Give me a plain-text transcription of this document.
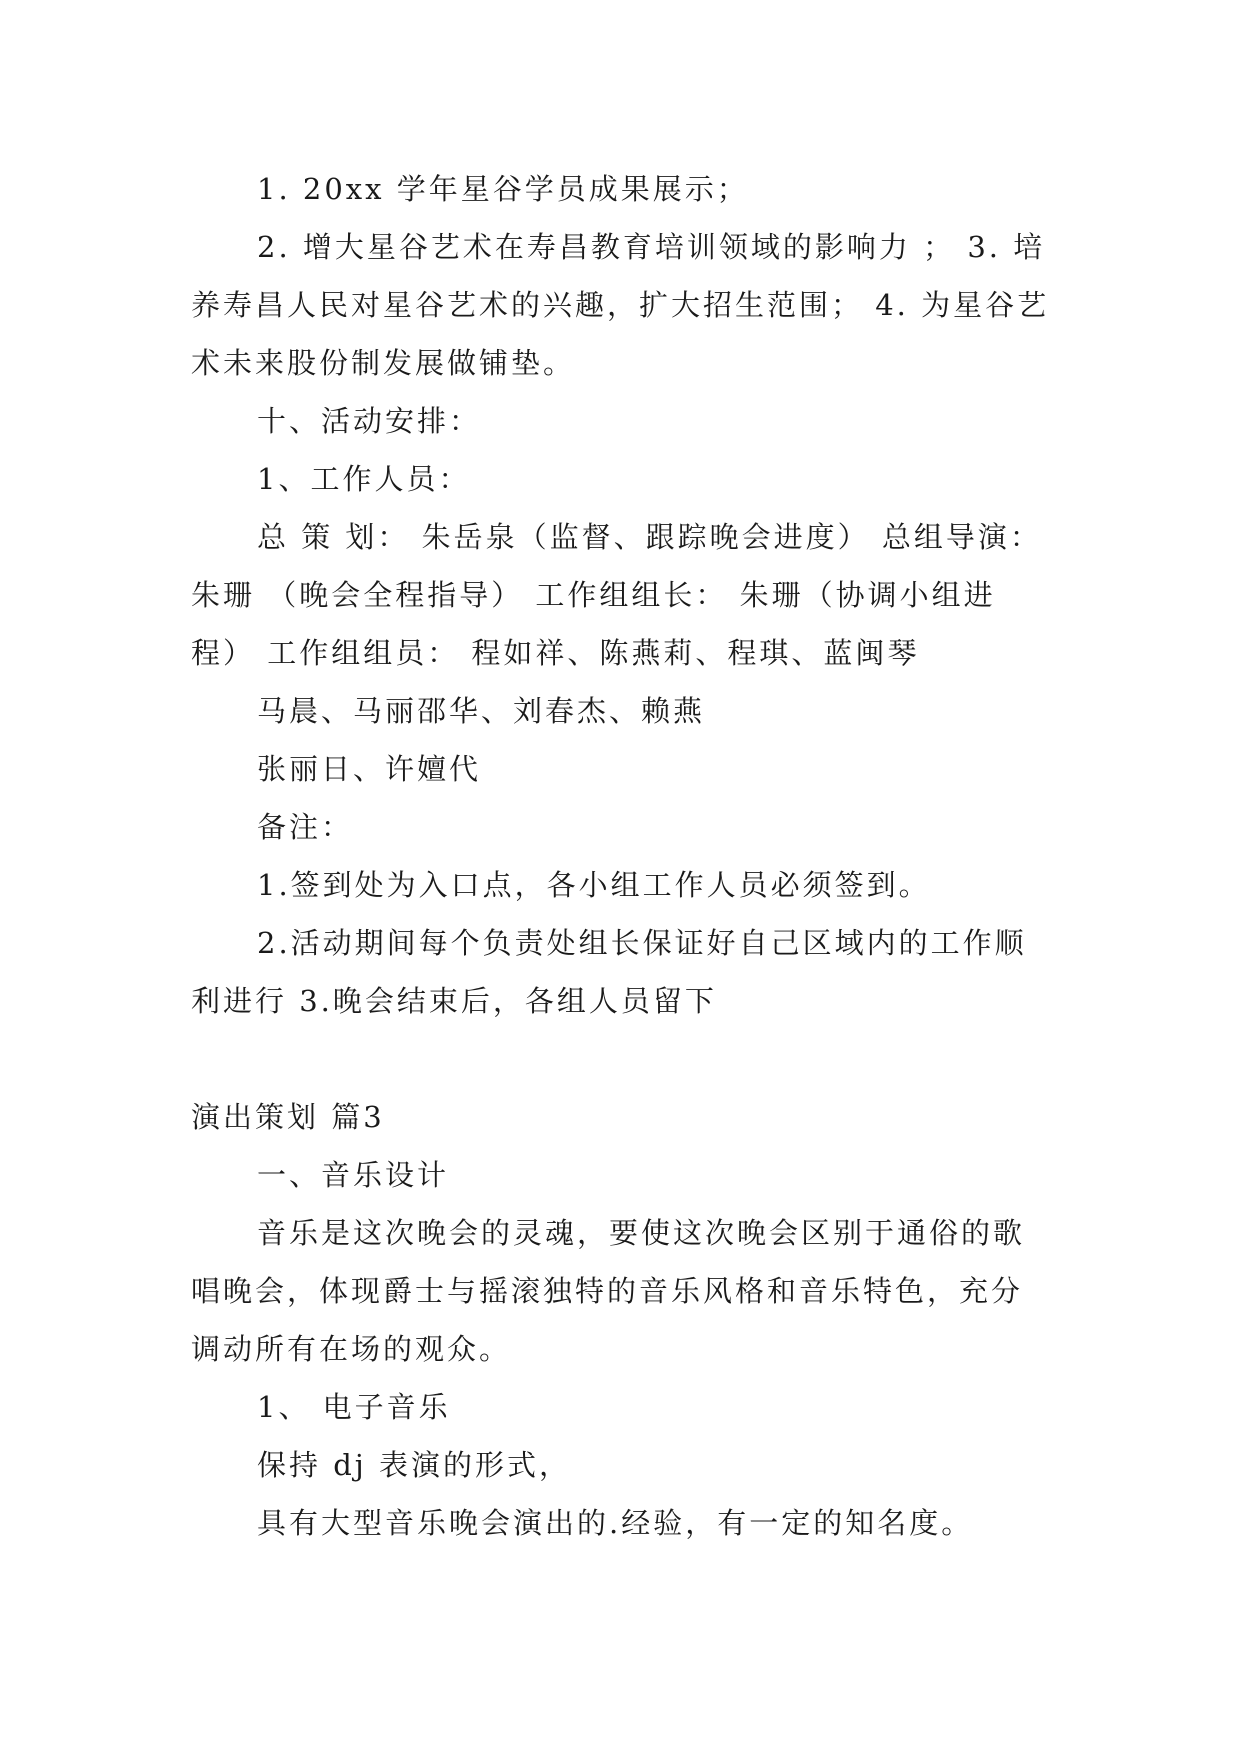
1. 20xx 学年星谷学员成果展示；

2. 增大星谷艺术在寿昌教育培训领域的影响力 ； 3. 培养寿昌人民对星谷艺术的兴趣，扩大招生范围； 4. 为星谷艺术未来股份制发展做铺垫。

十、活动安排：

1、工作人员：

总 策 划： 朱岳泉（监督、跟踪晚会进度） 总组导演：朱珊 （晚会全程指导） 工作组组长： 朱珊（协调小组进程） 工作组组员： 程如祥、陈燕莉、程琪、蓝闽琴

马晨、马丽邵华、刘春杰、赖燕

张丽日、许嬗代

备注：

1.签到处为入口点，各小组工作人员必须签到。

2.活动期间每个负责处组长保证好自己区域内的工作顺利进行 3.晚会结束后，各组人员留下

演出策划 篇3

一、音乐设计

音乐是这次晚会的灵魂，要使这次晚会区别于通俗的歌唱晚会，体现爵士与摇滚独特的音乐风格和音乐特色，充分调动所有在场的观众。

1、 电子音乐

保持 dj 表演的形式，

具有大型音乐晚会演出的.经验，有一定的知名度。
